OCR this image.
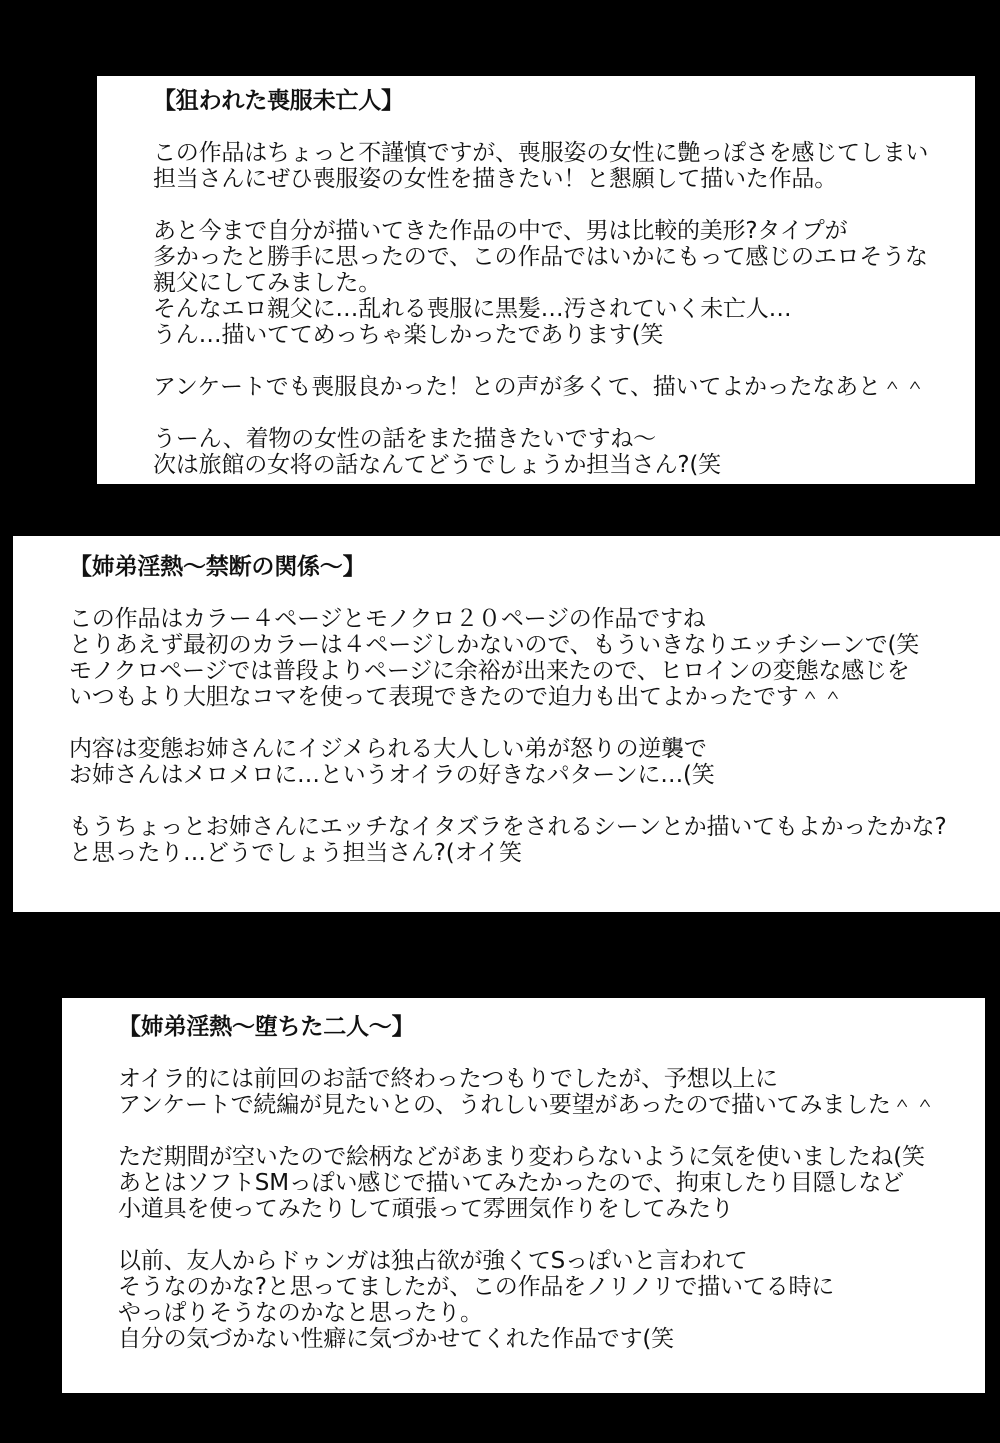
【狙われた喪服未亡人】
この作品はちょっと不謹慎ですが、喪服姿の女性に艶っぽさを感じてしまい
担当さんにぜひ喪服姿の女性を描きたい！と懇願して描いた作品。
あと今まで自分が描いてきた作品の中で、男は比較的美形?タイプが
多かったと勝手に思ったので、この作品ではいかにもって感じのエロそうな
親父にしてみました。
そんなエロ親父に…乱れる喪服に黒髪…汚されていく未亡人…
うん…描いててめっちゃ楽しかったであります(笑
アンケートでも喪服良かった！との声が多くて、描いてよかったなあと＾＾
うーん、着物の女性の話をまた描きたいですね〜
次は旅館の女将の話なんてどうでしょうか担当さん?(笑
【姉弟淫熱〜禁断の関係〜】
この作品はカラー４ページとモノクロ２０ページの作品ですね
とりあえず最初のカラーは４ページしかないので、もういきなりエッチシーンで(笑
モノクロページでは普段よりページに余裕が出来たので、ヒロインの変態な感じを
いつもより大胆なコマを使って表現できたので迫力も出てよかったです＾＾
内容は変態お姉さんにイジメられる大人しい弟が怒りの逆襲で
お姉さんはメロメロに…というオイラの好きなパターンに…(笑
もうちょっとお姉さんにエッチなイタズラをされるシーンとか描いてもよかったかな?
と思ったり…どうでしょう担当さん?(オイ笑
【姉弟淫熱〜堕ちた二人〜】
オイラ的には前回のお話で終わったつもりでしたが、予想以上に
アンケートで続編が見たいとの、うれしい要望があったので描いてみました＾＾
ただ期間が空いたので絵柄などがあまり変わらないように気を使いましたね(笑
あとはソフトSMっぽい感じで描いてみたかったので、拘束したり目隠しなど
小道具を使ってみたりして頑張って雰囲気作りをしてみたり
以前、友人からドゥンガは独占欲が強くてSっぽいと言われて
そうなのかな?と思ってましたが、この作品をノリノリで描いてる時に
やっぱりそうなのかなと思ったり。
自分の気づかない性癖に気づかせてくれた作品です(笑
